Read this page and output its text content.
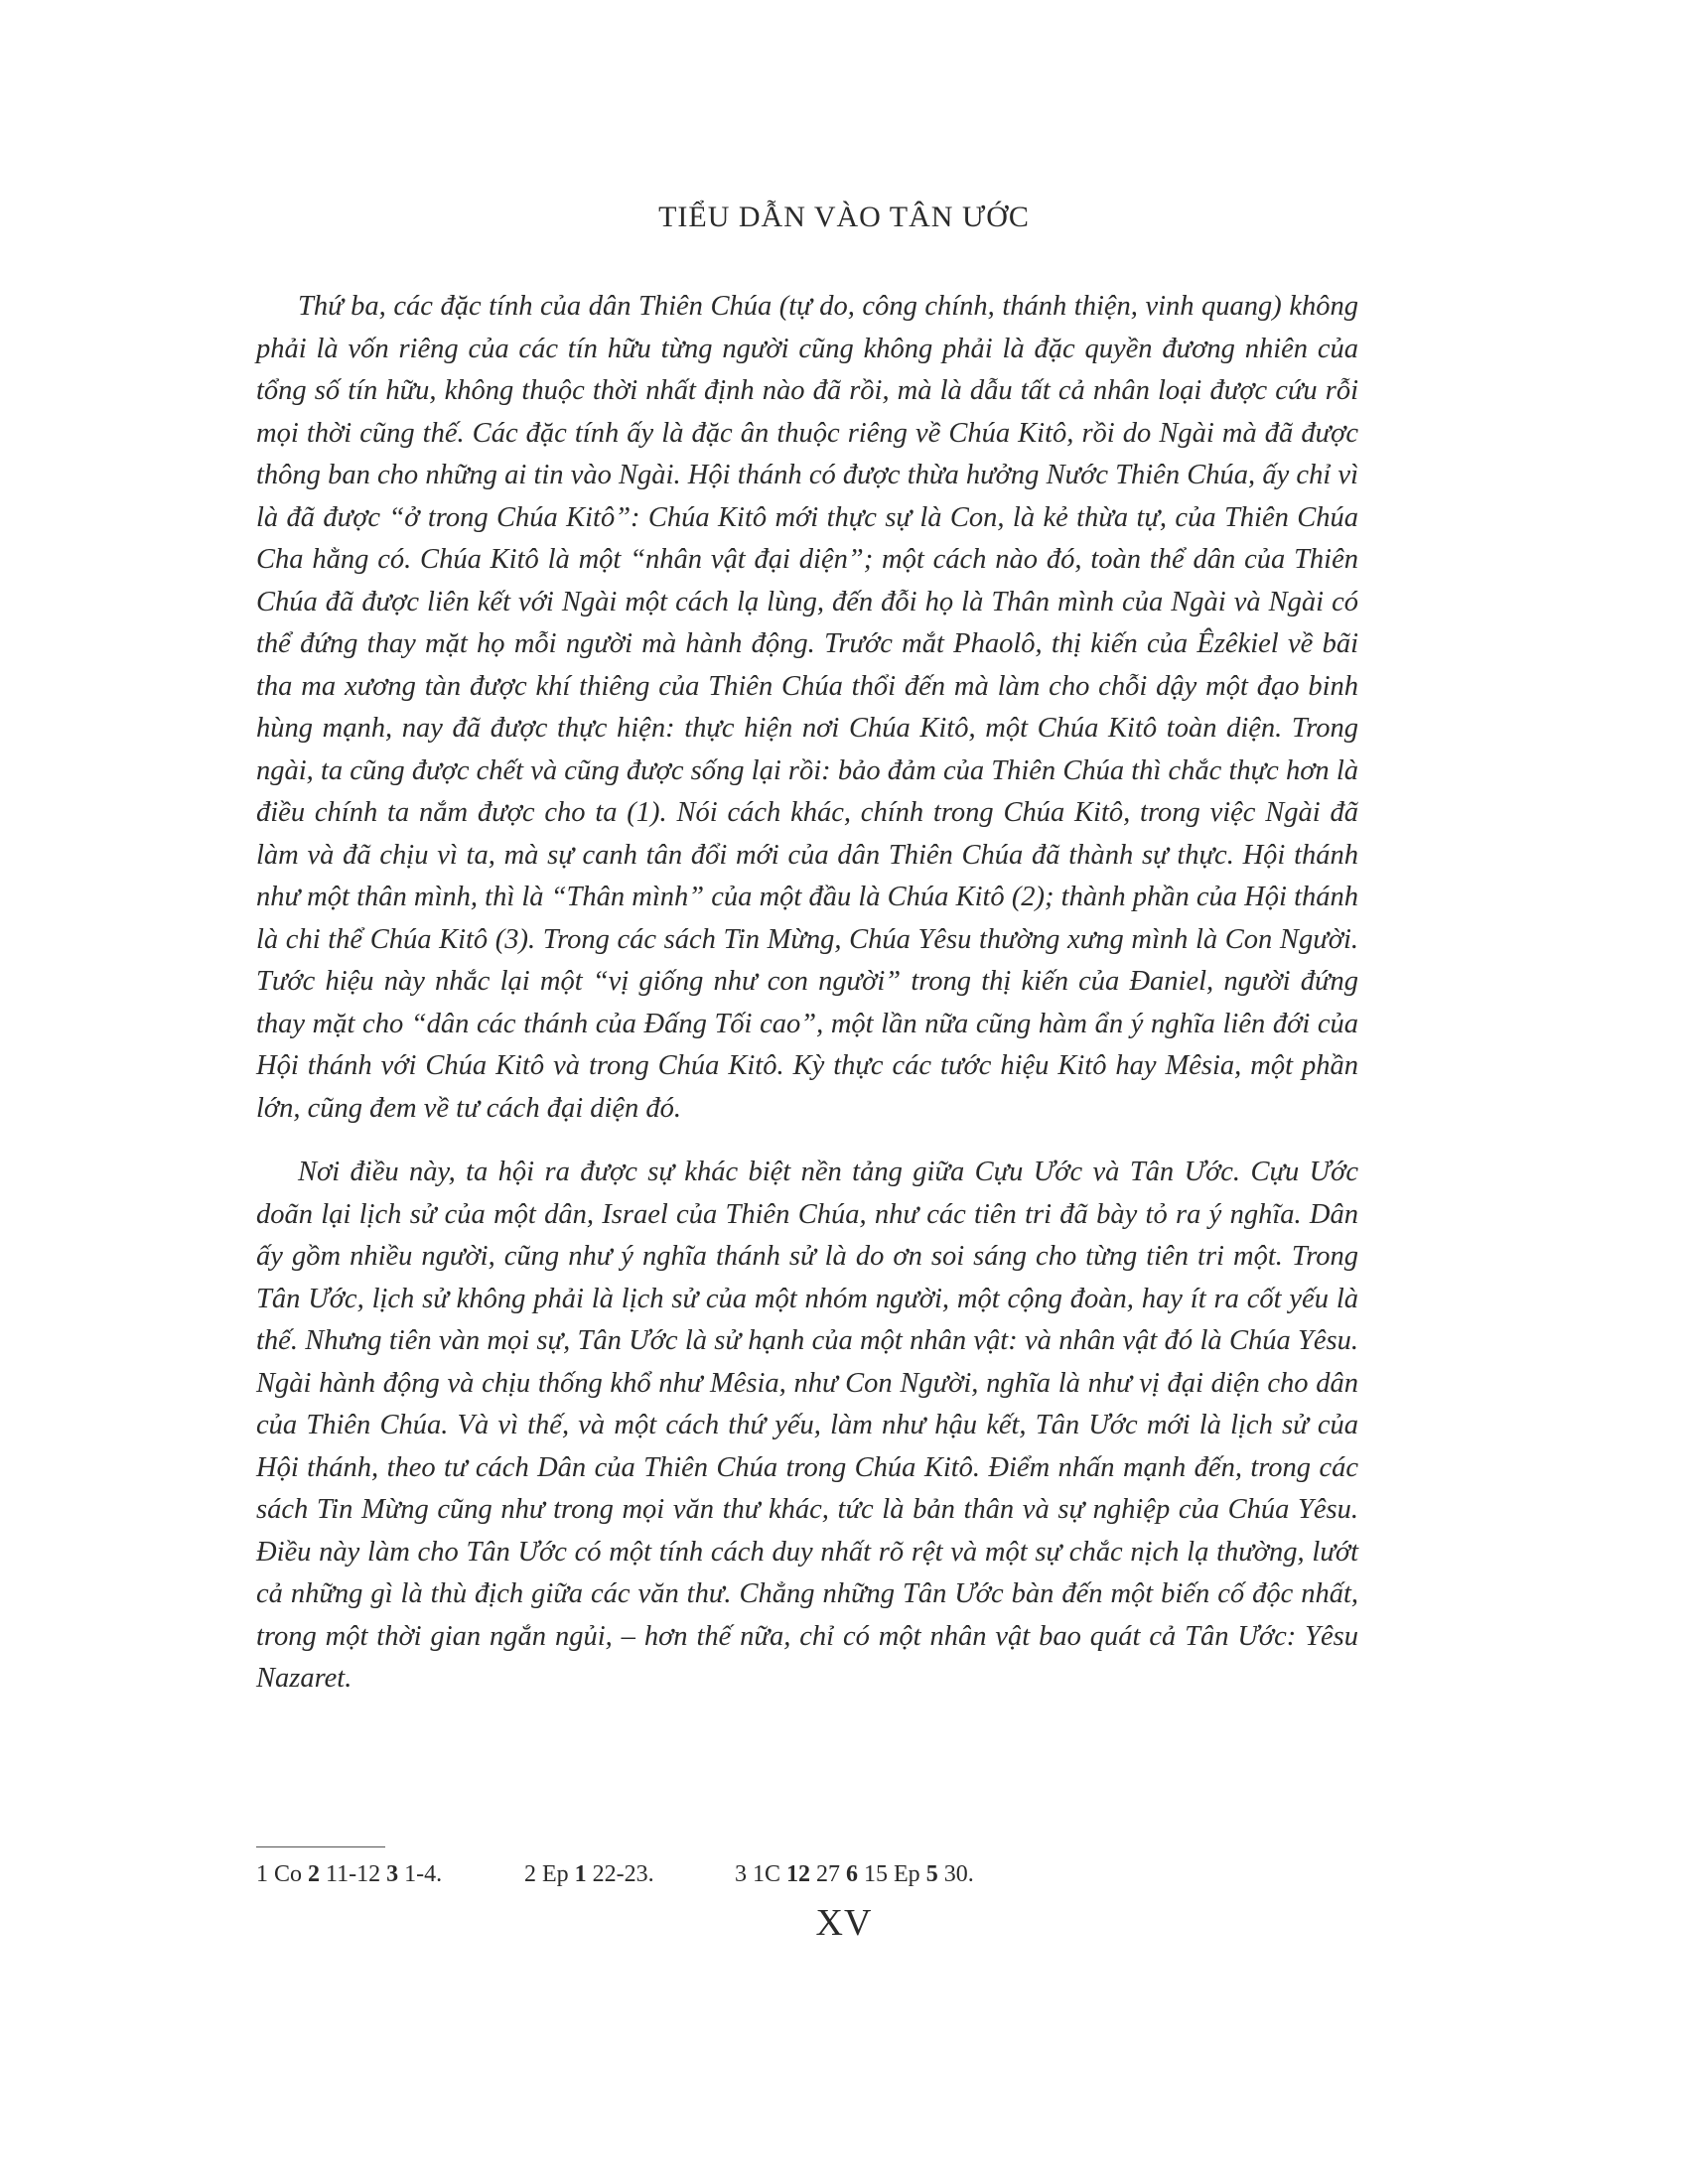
TIỂU DẪN VÀO TÂN ƯỚC

Thứ ba, các đặc tính của dân Thiên Chúa (tự do, công chính, thánh thiện, vinh quang) không phải là vốn riêng của các tín hữu từng người cũng không phải là đặc quyền đương nhiên của tổng số tín hữu, không thuộc thời nhất định nào đã rồi, mà là dẫu tất cả nhân loại được cứu rỗi mọi thời cũng thế. Các đặc tính ấy là đặc ân thuộc riêng về Chúa Kitô, rồi do Ngài mà đã được thông ban cho những ai tin vào Ngài. Hội thánh có được thừa hưởng Nước Thiên Chúa, ấy chỉ vì là đã được “ở trong Chúa Kitô”: Chúa Kitô mới thực sự là Con, là kẻ thừa tự, của Thiên Chúa Cha hằng có. Chúa Kitô là một “nhân vật đại diện”; một cách nào đó, toàn thể dân của Thiên Chúa đã được liên kết với Ngài một cách lạ lùng, đến đỗi họ là Thân mình của Ngài và Ngài có thể đứng thay mặt họ mỗi người mà hành động. Trước mắt Phaolô, thị kiến của Êzêkiel về bãi tha ma xương tàn được khí thiêng của Thiên Chúa thổi đến mà làm cho chỗi dậy một đạo binh hùng mạnh, nay đã được thực hiện: thực hiện nơi Chúa Kitô, một Chúa Kitô toàn diện. Trong ngài, ta cũng được chết và cũng được sống lại rồi: bảo đảm của Thiên Chúa thì chắc thực hơn là điều chính ta nắm được cho ta (1). Nói cách khác, chính trong Chúa Kitô, trong việc Ngài đã làm và đã chịu vì ta, mà sự canh tân đổi mới của dân Thiên Chúa đã thành sự thực. Hội thánh như một thân mình, thì là “Thân mình” của một đầu là Chúa Kitô (2); thành phần của Hội thánh là chi thể Chúa Kitô (3). Trong các sách Tin Mừng, Chúa Yêsu thường xưng mình là Con Người. Tước hiệu này nhắc lại một “vị giống như con người” trong thị kiến của Đaniel, người đứng thay mặt cho “dân các thánh của Đấng Tối cao”, một lần nữa cũng hàm ẩn ý nghĩa liên đới của Hội thánh với Chúa Kitô và trong Chúa Kitô. Kỳ thực các tước hiệu Kitô hay Mêsia, một phần lớn, cũng đem về tư cách đại diện đó.

Nơi điều này, ta hội ra được sự khác biệt nền tảng giữa Cựu Ước và Tân Ước. Cựu Ước doãn lại lịch sử của một dân, Israel của Thiên Chúa, như các tiên tri đã bày tỏ ra ý nghĩa. Dân ấy gồm nhiều người, cũng như ý nghĩa thánh sử là do ơn soi sáng cho từng tiên tri một. Trong Tân Ước, lịch sử không phải là lịch sử của một nhóm người, một cộng đoàn, hay ít ra cốt yếu là thế. Nhưng tiên vàn mọi sự, Tân Ước là sử hạnh của một nhân vật: và nhân vật đó là Chúa Yêsu. Ngài hành động và chịu thống khổ như Mêsia, như Con Người, nghĩa là như vị đại diện cho dân của Thiên Chúa. Và vì thế, và một cách thứ yếu, làm như hậu kết, Tân Ước mới là lịch sử của Hội thánh, theo tư cách Dân của Thiên Chúa trong Chúa Kitô. Điểm nhấn mạnh đến, trong các sách Tin Mừng cũng như trong mọi văn thư khác, tức là bản thân và sự nghiệp của Chúa Yêsu. Điều này làm cho Tân Ước có một tính cách duy nhất rõ rệt và một sự chắc nịch lạ thường, lướt cả những gì là thù địch giữa các văn thư. Chẳng những Tân Ước bàn đến một biến cố độc nhất, trong một thời gian ngắn ngủi, – hơn thế nữa, chỉ có một nhân vật bao quát cả Tân Ước: Yêsu Nazaret.

1 Co 2 11-12 3 1-4.	2 Ep 1 22-23.	3 1C 12 27 6 15 Ep 5 30.
XV
